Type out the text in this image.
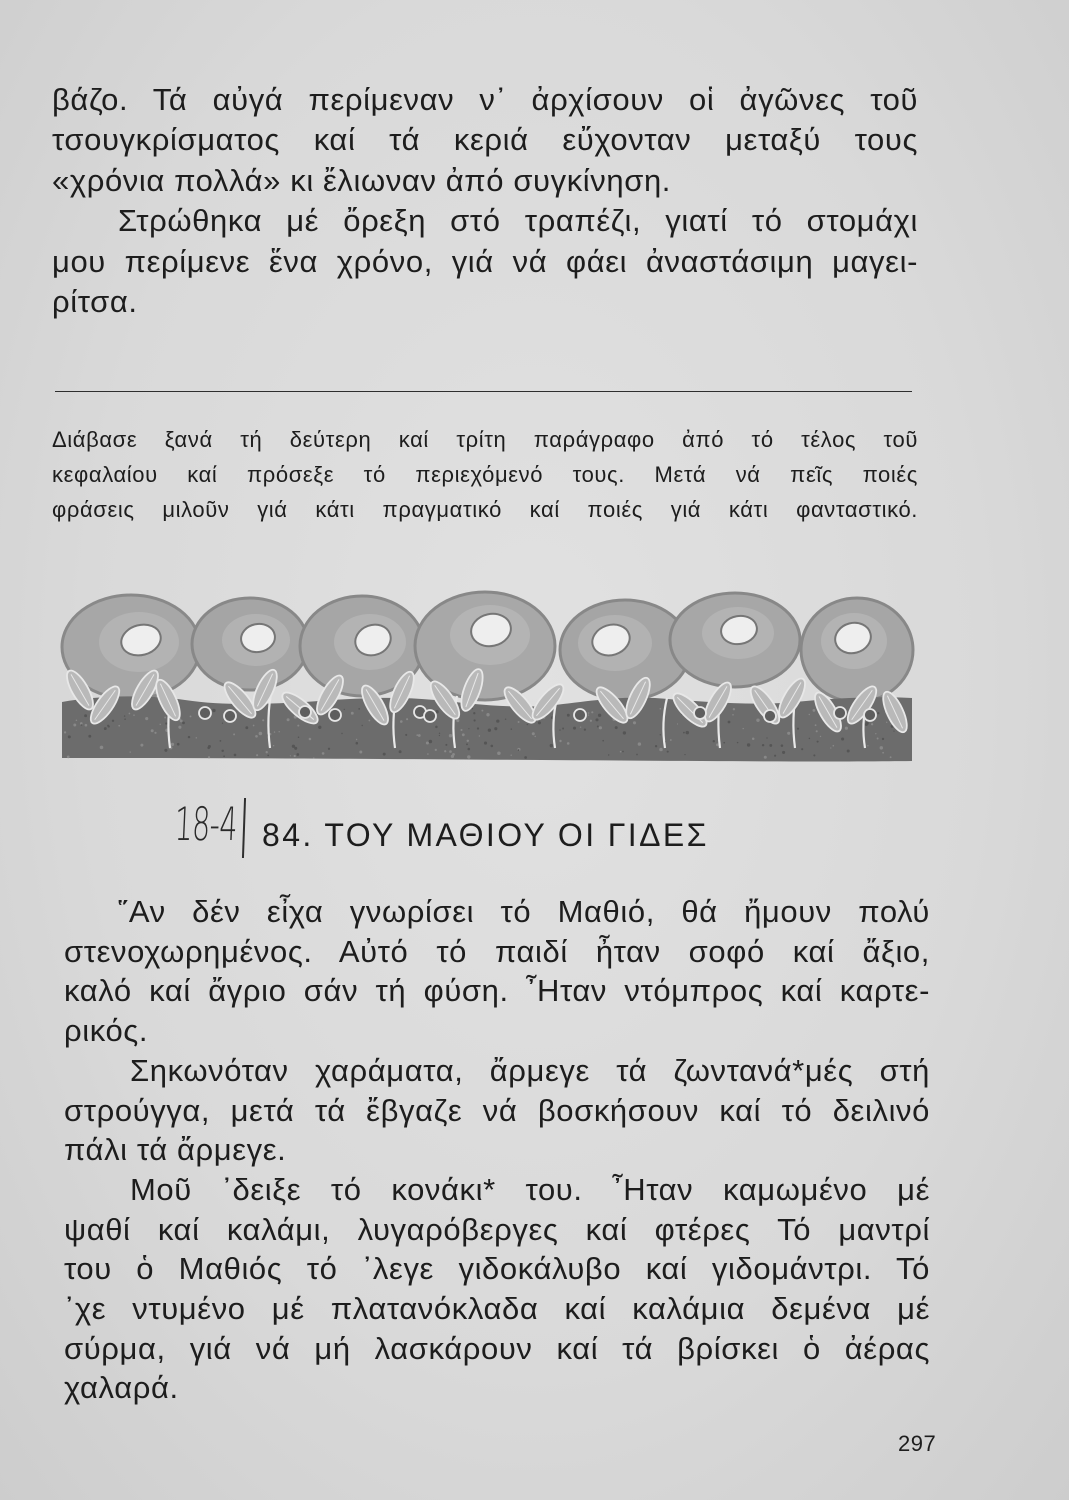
βάζο. Τά αὐγά περίμεναν ν᾿ ἀρχίσουν οἱ ἀγῶνες τοῦ
τσουγκρίσματος καί τά κεριά εὔχονταν μεταξύ τους
«χρόνια πολλά» κι ἔλιωναν ἀπό συγκίνηση.
Στρώθηκα μέ ὄρεξη στό τραπέζι, γιατί τό στομάχι
μου περίμενε ἕνα χρόνο, γιά νά φάει ἀναστάσιμη μαγει-
ρίτσα.
Διάβασε ξανά τή δεύτερη καί τρίτη παράγραφο ἀπό τό τέλος τοῦ
κεφαλαίου καί πρόσεξε τό περιεχόμενό τους. Μετά νά πεῖς ποιές
φράσεις μιλοῦν γιά κάτι πραγματικό καί ποιές γιά κάτι φανταστικό.
18-4 84. ΤΟΥ ΜΑΘΙΟΥ ΟΙ ΓΙΔΕΣ
῞Αν δέν εἶχα γνωρίσει τό Μαθιό, θά ἤμουν πολύ
στενοχωρημένος. Αὐτό τό παιδί ἦταν σοφό καί ἄξιο,
καλό καί ἄγριο σάν τή φύση. ῏Ηταν ντόμπρος καί καρτε-
ρικός.
Σηκωνόταν χαράματα, ἄρμεγε τά ζωντανά*μές στή
στρούγγα, μετά τά ἔβγαζε νά βοσκήσουν καί τό δειλινό
πάλι τά ἄρμεγε.
Μοῦ ᾿δειξε τό κονάκι* του. ῏Ηταν καμωμένο μέ
ψαθί καί καλάμι, λυγαρόβεργες καί φτέρες Τό μαντρί
του ὁ Μαθιός τό ᾿λεγε γιδοκάλυβο καί γιδομάντρι. Τό
᾿χε ντυμένο μέ πλατανόκλαδα καί καλάμια δεμένα μέ
σύρμα, γιά νά μή λασκάρουν καί τά βρίσκει ὁ ἀέρας
χαλαρά.
297
